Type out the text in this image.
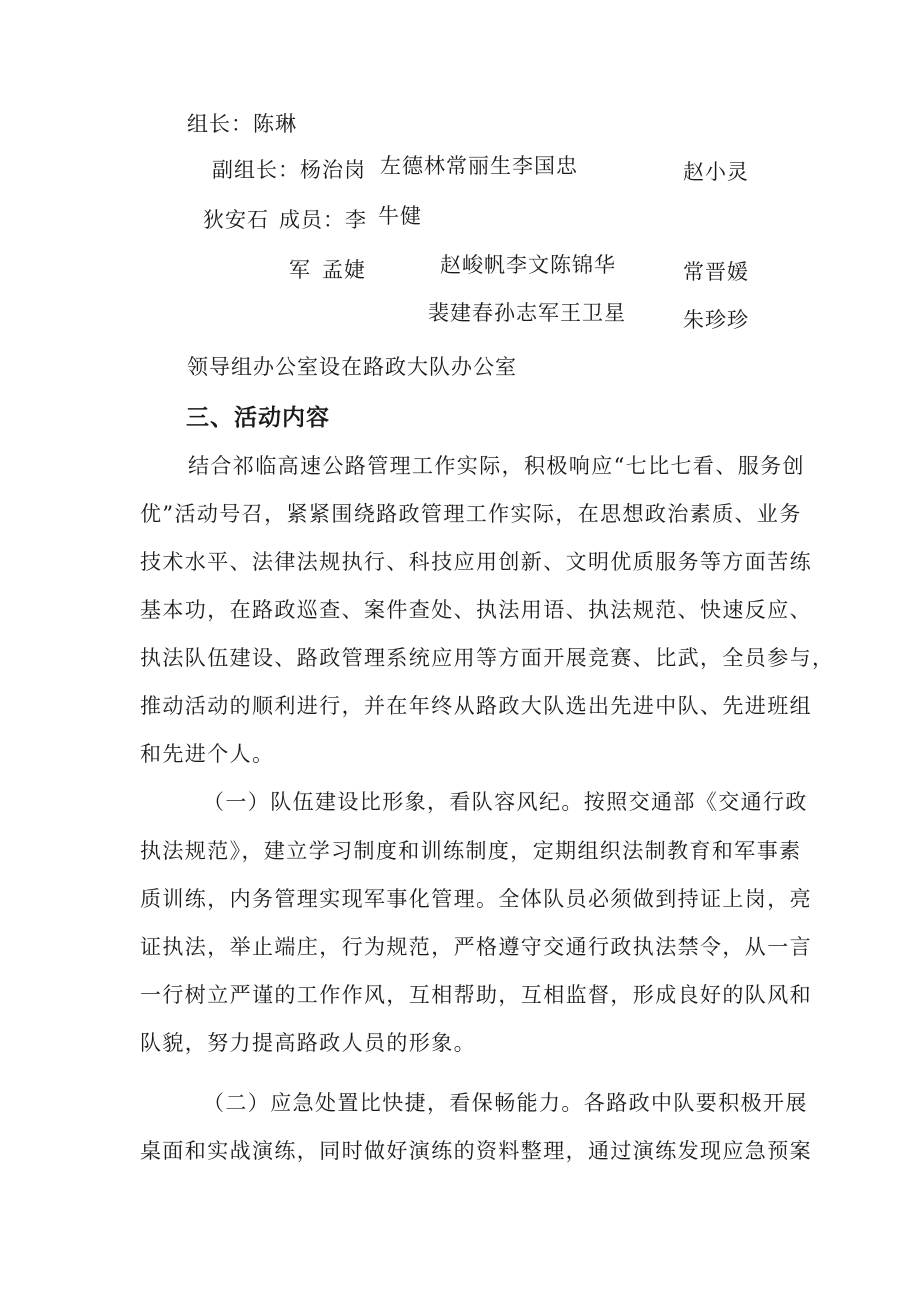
组长：陈琳
副组长：杨治岗 左德林常丽生李国忠	赵小灵
狄安石 成员：李 牛健
军 孟婕	赵峻帆李文陈锦华	常晋媛
裴建春孙志军王卫星	朱珍珍
领导组办公室设在路政大队办公室
三、活动内容
结合祁临高速公路管理工作实际，积极响应“七比七看、服务创
优”活动号召，紧紧围绕路政管理工作实际，在思想政治素质、业务
技术水平、法律法规执行、科技应用创新、文明优质服务等方面苦练
基本功，在路政巡查、案件查处、执法用语、执法规范、快速反应、
执法队伍建设、路政管理系统应用等方面开展竞赛、比武，全员参与，
推动活动的顺利进行，并在年终从路政大队选出先进中队、先进班组
和先进个人。
（一）队伍建设比形象，看队容风纪。按照交通部《交通行政
执法规范》，建立学习制度和训练制度，定期组织法制教育和军事素
质训练，内务管理实现军事化管理。全体队员必须做到持证上岗，亮
证执法，举止端庄，行为规范，严格遵守交通行政执法禁令，从一言
一行树立严谨的工作作风，互相帮助，互相监督，形成良好的队风和
队貌，努力提高路政人员的形象。
（二）应急处置比快捷，看保畅能力。各路政中队要积极开展
桌面和实战演练，同时做好演练的资料整理，通过演练发现应急预案
